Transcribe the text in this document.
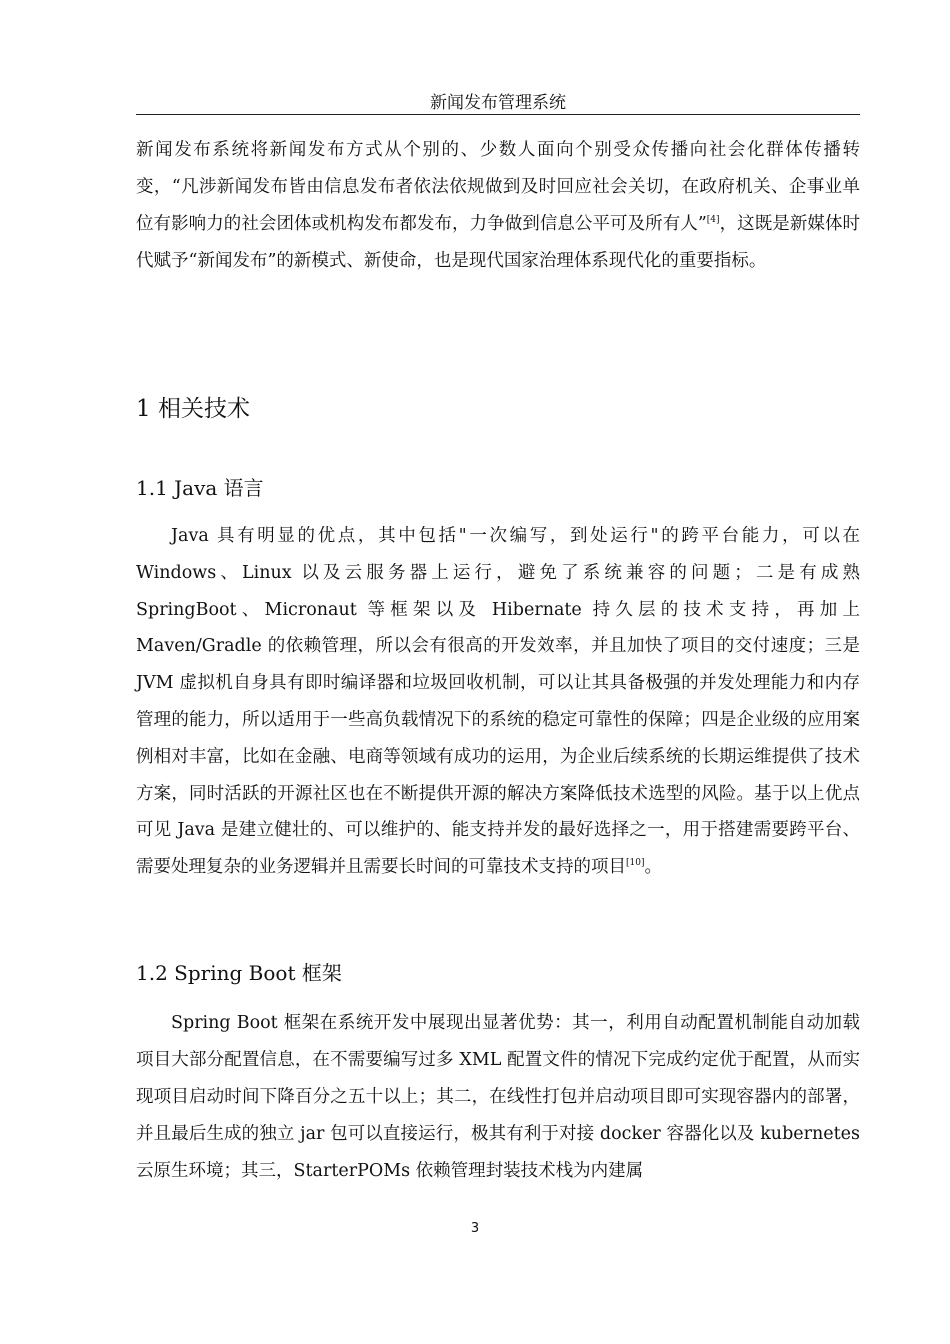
新闻发布管理系统

新闻发布系统将新闻发布方式从个别的、少数人面向个别受众传播向社会化群体传播转变，“凡涉新闻发布皆由信息发布者依法依规做到及时回应社会关切，在政府机关、企事业单位有影响力的社会团体或机构发布都发布，力争做到信息公平可及所有人”[4]，这既是新媒体时代赋予“新闻发布”的新模式、新使命，也是现代国家治理体系现代化的重要指标。

1 相关技术
1.1 Java 语言

Java 具有明显的优点，其中包括"一次编写，到处运行"的跨平台能力，可以在 Windows、Linux 以及云服务器上运行，避免了系统兼容的问题；二是有成熟 SpringBoot、Micronaut 等框架以及 Hibernate 持久层的技术支持，再加上 Maven/Gradle 的依赖管理，所以会有很高的开发效率，并且加快了项目的交付速度；三是 JVM 虚拟机自身具有即时编译器和垃圾回收机制，可以让其具备极强的并发处理能力和内存管理的能力，所以适用于一些高负载情况下的系统的稳定可靠性的保障；四是企业级的应用案例相对丰富，比如在金融、电商等领域有成功的运用，为企业后续系统的长期运维提供了技术方案，同时活跃的开源社区也在不断提供开源的解决方案降低技术选型的风险。基于以上优点可见 Java 是建立健壮的、可以维护的、能支持并发的最好选择之一，用于搭建需要跨平台、需要处理复杂的业务逻辑并且需要长时间的可靠技术支持的项目[10]。

1.2 Spring Boot 框架

Spring Boot 框架在系统开发中展现出显著优势：其一，利用自动配置机制能自动加载项目大部分配置信息，在不需要编写过多 XML 配置文件的情况下完成约定优于配置，从而实现项目启动时间下降百分之五十以上；其二，在线性打包并启动项目即可实现容器内的部署，并且最后生成的独立 jar 包可以直接运行，极其有利于对接 docker 容器化以及 kubernetes 云原生环境；其三，StarterPOMs 依赖管理封装技术栈为内建属

3
